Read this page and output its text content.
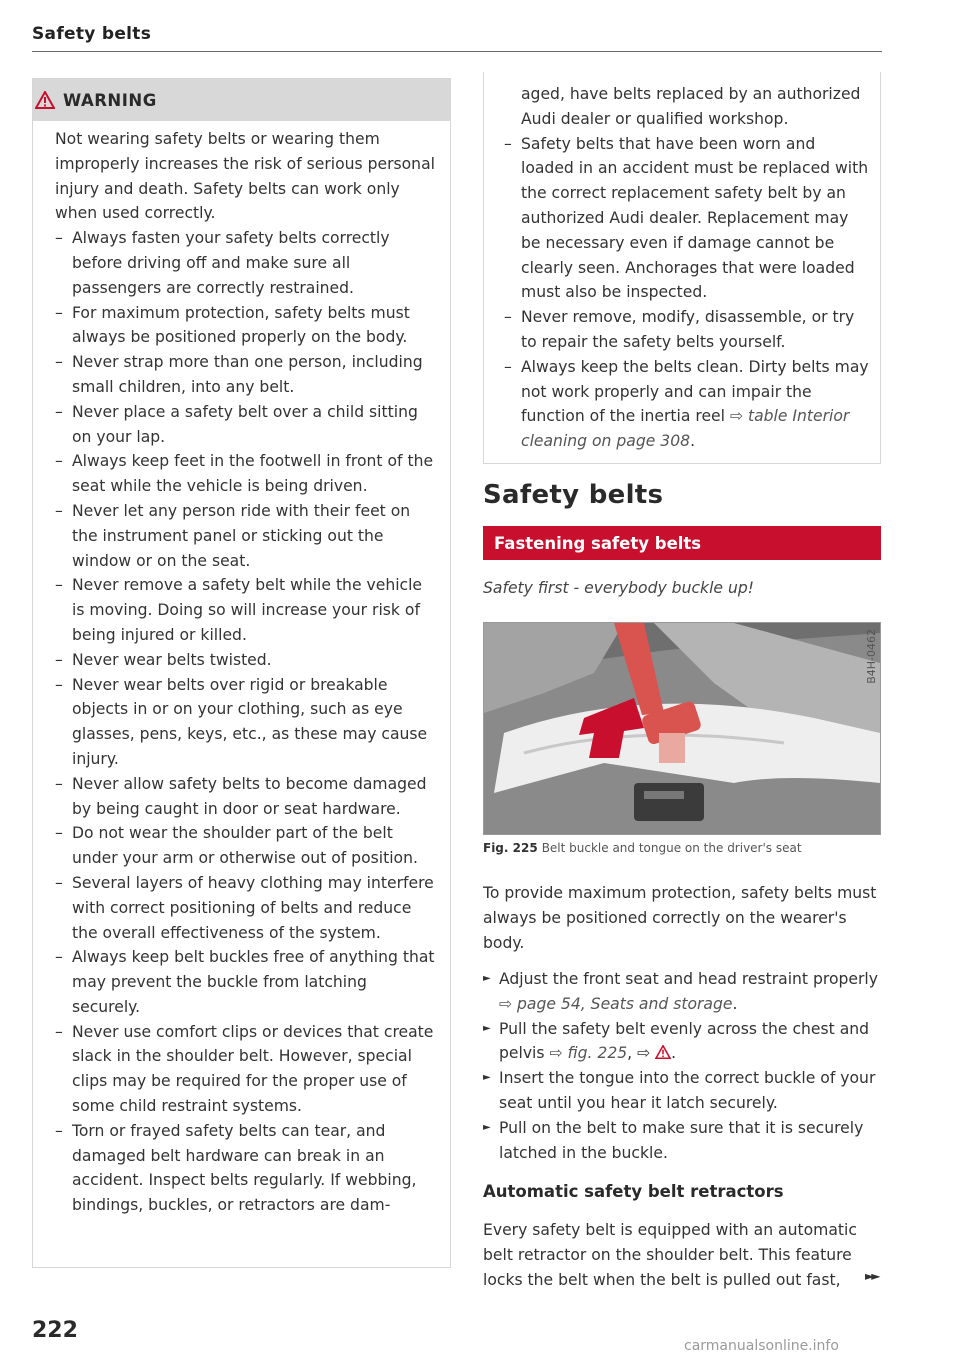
Safety belts
WARNING

Not wearing safety belts or wearing them improperly increases the risk of serious personal injury and death. Safety belts can work only when used correctly.

– Always fasten your safety belts correctly before driving off and make sure all passengers are correctly restrained.
– For maximum protection, safety belts must always be positioned properly on the body.
– Never strap more than one person, including small children, into any belt.
– Never place a safety belt over a child sitting on your lap.
– Always keep feet in the footwell in front of the seat while the vehicle is being driven.
– Never let any person ride with their feet on the instrument panel or sticking out the window or on the seat.
– Never remove a safety belt while the vehicle is moving. Doing so will increase your risk of being injured or killed.
– Never wear belts twisted.
– Never wear belts over rigid or breakable objects in or on your clothing, such as eye glasses, pens, keys, etc., as these may cause injury.
– Never allow safety belts to become damaged by being caught in door or seat hardware.
– Do not wear the shoulder part of the belt under your arm or otherwise out of position.
– Several layers of heavy clothing may interfere with correct positioning of belts and reduce the overall effectiveness of the system.
– Always keep belt buckles free of anything that may prevent the buckle from latching securely.
– Never use comfort clips or devices that create slack in the shoulder belt. However, special clips may be required for the proper use of some child restraint systems.
– Torn or frayed safety belts can tear, and damaged belt hardware can break in an accident. Inspect belts regularly. If webbing, bindings, buckles, or retractors are dam-

aged, have belts replaced by an authorized Audi dealer or qualified workshop.

– Safety belts that have been worn and loaded in an accident must be replaced with the correct replacement safety belt by an authorized Audi dealer. Replacement may be necessary even if damage cannot be clearly seen. Anchorages that were loaded must also be inspected.
– Never remove, modify, disassemble, or try to repair the safety belts yourself.
– Always keep the belts clean. Dirty belts may not work properly and can impair the function of the inertia reel ⇨ table Interior cleaning on page 308.
Safety belts
Fastening safety belts
Safety first - everybody buckle up!
B4H-0462
Fig. 225 Belt buckle and tongue on the driver's seat

To provide maximum protection, safety belts must always be positioned correctly on the wearer's body.

► Adjust the front seat and head restraint properly ⇨ page 54, Seats and storage.
► Pull the safety belt evenly across the chest and pelvis ⇨ fig. 225, ⇨ .
► Insert the tongue into the correct buckle of your seat until you hear it latch securely.
► Pull on the belt to make sure that it is securely latched in the buckle.
Automatic safety belt retractors

Every safety belt is equipped with an automatic belt retractor on the shoulder belt. This feature locks the belt when the belt is pulled out fast,	►►
222
carmanualsonline.info
